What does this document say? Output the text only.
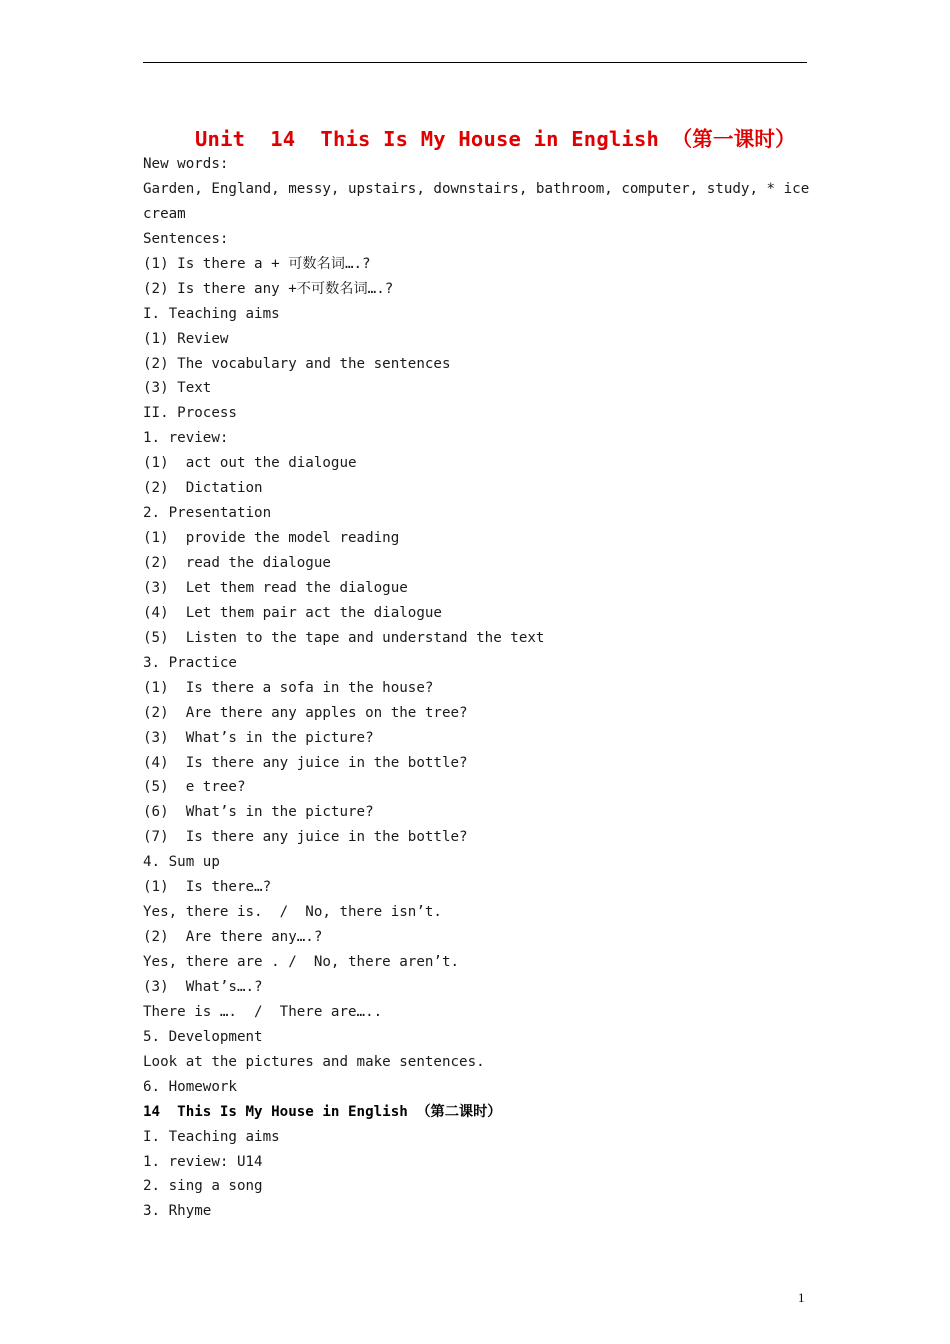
Unit  14  This Is My House in English （第一课时）
New words:
Garden, England, messy, upstairs, downstairs, bathroom, computer, study, * ice
cream
Sentences:
(1) Is there a + 可数名词….?
(2) Is there any +不可数名词….?
I. Teaching aims
(1) Review
(2) The vocabulary and the sentences
(3) Text
II. Process
1. review:
(1)  act out the dialogue
(2)  Dictation
2. Presentation
(1)  provide the model reading
(2)  read the dialogue
(3)  Let them read the dialogue
(4)  Let them pair act the dialogue
(5)  Listen to the tape and understand the text
3. Practice
(1)  Is there a sofa in the house?
(2)  Are there any apples on the tree?
(3)  What’s in the picture?
(4)  Is there any juice in the bottle?
(5)  e tree?
(6)  What’s in the picture?
(7)  Is there any juice in the bottle?
4. Sum up
(1)  Is there…?
Yes, there is.  /  No, there isn’t.
(2)  Are there any….?
Yes, there are . /  No, there aren’t.
(3)  What’s….?
There is ….  /  There are…..
5. Development
Look at the pictures and make sentences.
6. Homework
14  This Is My House in English （第二课时）
I. Teaching aims
1. review: U14
2. sing a song
3. Rhyme
1
